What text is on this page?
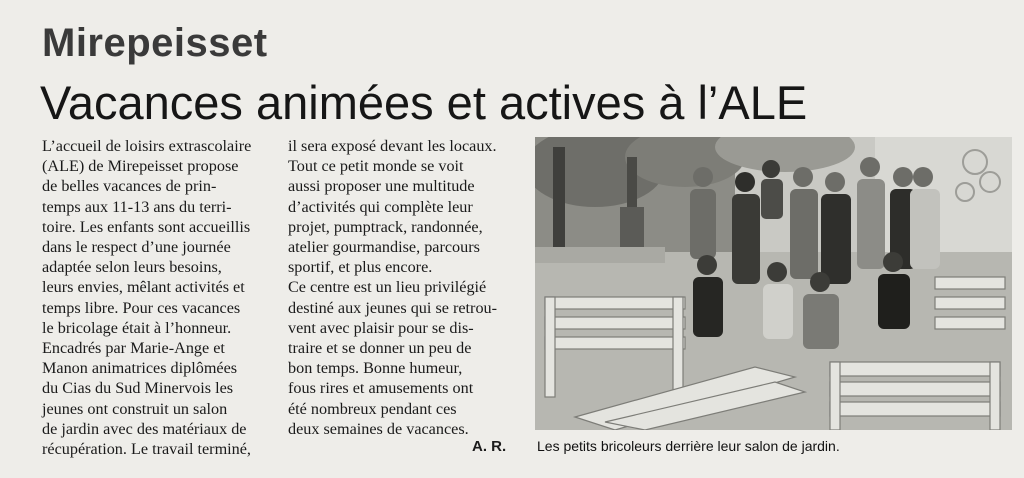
Mirepeisset
Vacances animées et actives à l’ALE
L’accueil de loisirs extrascolaire
(ALE) de Mirepeisset propose
de belles vacances de prin-
temps aux 11-13 ans du terri-
toire. Les enfants sont accueillis
dans le respect d’une journée
adaptée selon leurs besoins,
leurs envies, mêlant activités et
temps libre. Pour ces vacances
le bricolage était à l’honneur.
Encadrés par Marie-Ange et
Manon animatrices diplômées
du Cias du Sud Minervois les
jeunes ont construit un salon
de jardin avec des matériaux de
récupération. Le travail terminé,
il sera exposé devant les locaux.
Tout ce petit monde se voit
aussi proposer une multitude
d’activités qui complète leur
projet, pumptrack, randonnée,
atelier gourmandise, parcours
sportif, et plus encore.
Ce centre est un lieu privilégié
destiné aux jeunes qui se retrou-
vent avec plaisir pour se dis-
traire et se donner un peu de
bon temps. Bonne humeur,
fous rires et amusements ont
été nombreux pendant ces
deux semaines de vacances.
A. R. Les petits bricoleurs derrière leur salon de jardin.
